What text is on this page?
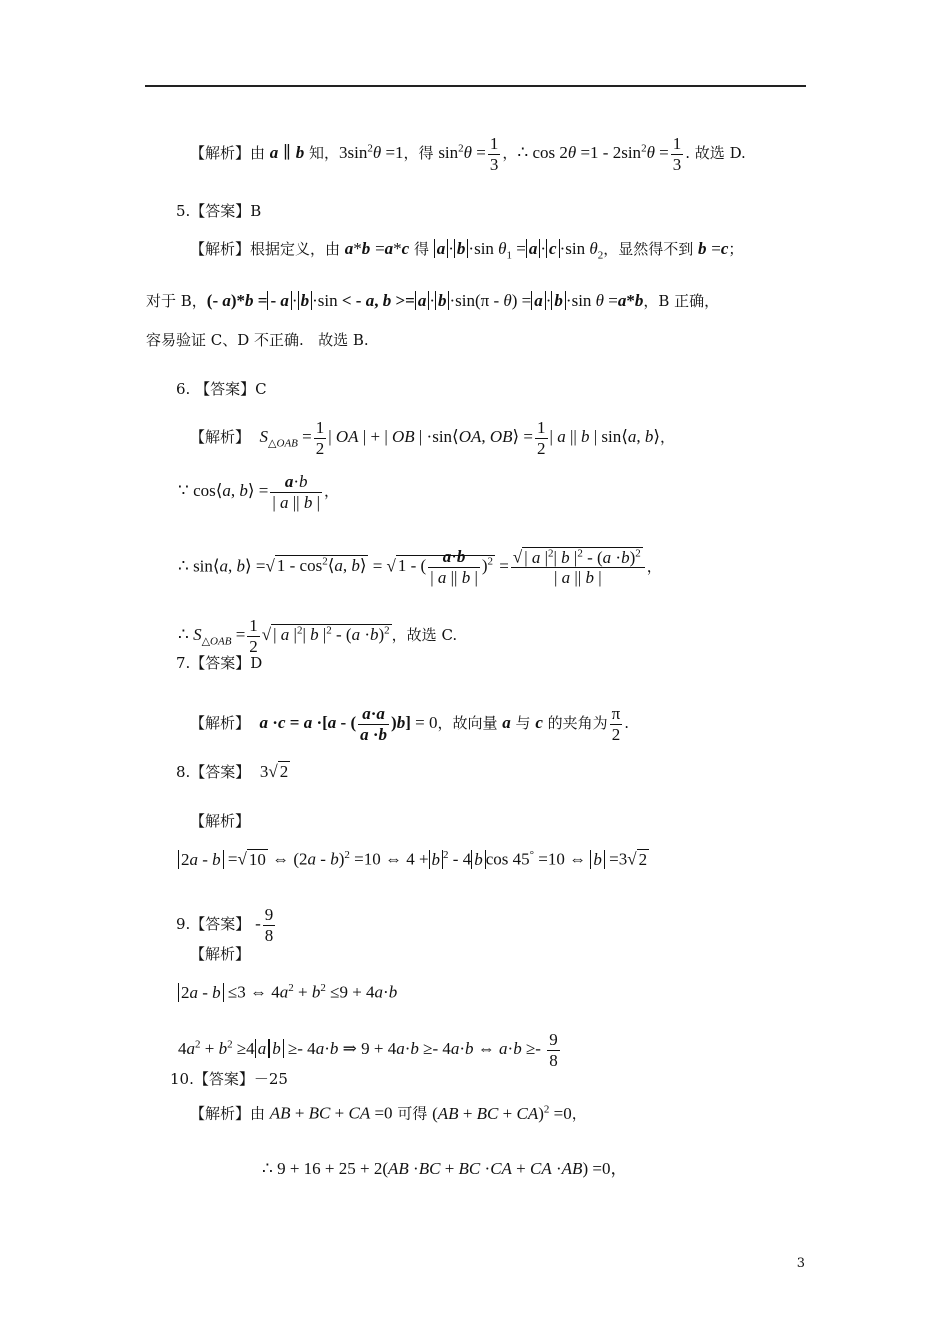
【解析】由 a ∥ b 知，$3\sin^2\theta =1$，得 $\sin^2\theta = \frac{1}{3}$ ，∴ $\cos 2\theta =1 - 2\sin^2\theta = \frac{1}{3}$ . 故选 D.
5.【答案】B
【解析】根据定义，由 a*b =a*c 得 a · b ·sin $\theta_1 = a \cdot c \cdot\sin$ $\theta_2$，显然得不到 b =c；
对于 B，(- a)*b = - a · b ·sin < - a, b >= a · b ·sin(π - θ) = a · b ·sin θ =a*b，B 正确，
容易验证 C、D 不正确.   故选 B.
6. 【答案】C
【解析】  $S_{\triangle OAB} = \frac{1}{2}$ | OA | + | OB | ·sin⟨OA, OB⟩ = $\frac{1}{2}$ | a || b | sin⟨a, b⟩，
∵ cos⟨a, b⟩ = $\frac{a\cdot b}{| a || b |}$ ，
∴ sin⟨a, b⟩ =√ $1 - \cos^2⟨a$, b⟩ = √ 1 - ( $\frac{a\cdot b}{| a || b |} )^2 = \frac{√ | a |^2| b |^2 - (a \cdot b)^2}{| a || b |}$ ，
∴ $S_{\triangle OAB} = \frac{1}{2}$ √ | a $|^2|$ b $|^2 - (a \cdot b)^2$ ，故选 C.
7.【答案】D
【解析】  a ·c = a ·[a - ( $\frac{a\cdot a}{a \cdot b} )b] = 0$，故向量 a 与 c 的夹角为 $\frac{\pi}{2}$ .
8.【答案】  3√ 2
【解析】
2a - b =√ 10 ⇔ (2a - b)$^2$ =10 ⇔ 4 + b $^2$ - 4 b cos 45° =10 ⇔ b =3√ 2
9.【答案】 - $\frac{9}{8}$
【解析】
2a - b ≤3 ⇔ $4a^2 + b^2 \le 9 + 4a\cdot b$
$4a^2 + b^2 \ge 4$ a b ≥- 4a·b ⇒ 9 + 4a·b ≥- 4a·b ⇔ $a\cdot b \ge- \frac{9}{8}$
10.【答案】－25
【解析】由 AB + BC + CA =0 可得 (AB + BC + CA)$^2$ =0，
∴ 9 + 16 + 25 + 2(AB ·BC + BC ·CA + CA ·AB) =0，
3
